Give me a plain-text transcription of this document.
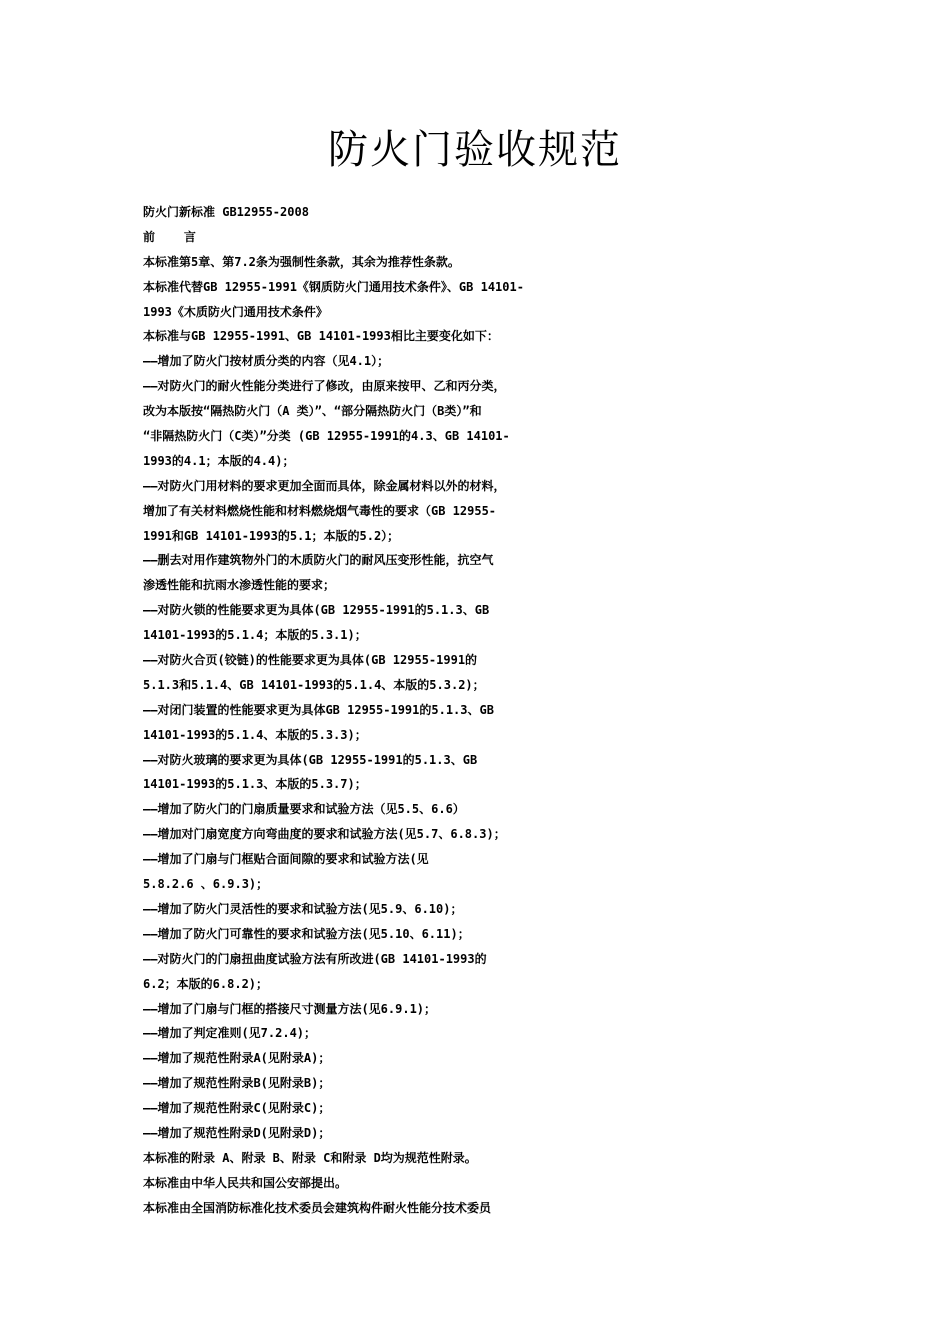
防火门验收规范
防火门新标准 GB12955-2008
前    言
本标准第5章、第7.2条为强制性条款，其余为推荐性条款。
本标准代替GB 12955-1991《钢质防火门通用技术条件》、GB 14101-
1993《木质防火门通用技术条件》
本标准与GB 12955-1991、GB 14101-1993相比主要变化如下：
——增加了防火门按材质分类的内容（见4.1）；
——对防火门的耐火性能分类进行了修改，由原来按甲、乙和丙分类，
改为本版按“隔热防火门（A 类）”、“部分隔热防火门（B类）”和
“非隔热防火门（C类）”分类 (GB 12955-1991的4.3、GB 14101-
1993的4.1；本版的4.4)；
——对防火门用材料的要求更加全面而具体，除金属材料以外的材料，
增加了有关材料燃烧性能和材料燃烧烟气毒性的要求（GB 12955-
1991和GB 14101-1993的5.1；本版的5.2）；
——删去对用作建筑物外门的木质防火门的耐风压变形性能，抗空气
渗透性能和抗雨水渗透性能的要求；
——对防火锁的性能要求更为具体(GB 12955-1991的5.1.3、GB
14101-1993的5.1.4；本版的5.3.1)；
——对防火合页(铰链)的性能要求更为具体(GB 12955-1991的
5.1.3和5.1.4、GB 14101-1993的5.1.4、本版的5.3.2)；
——对闭门装置的性能要求更为具体GB 12955-1991的5.1.3、GB
14101-1993的5.1.4、本版的5.3.3)；
——对防火玻璃的要求更为具体(GB 12955-1991的5.1.3、GB
14101-1993的5.1.3、本版的5.3.7)；
——增加了防火门的门扇质量要求和试验方法（见5.5、6.6）
——增加对门扇宽度方向弯曲度的要求和试验方法(见5.7、6.8.3)；
——增加了门扇与门框贴合面间隙的要求和试验方法(见
5.8.2.6 、6.9.3)；
——增加了防火门灵活性的要求和试验方法(见5.9、6.10)；
——增加了防火门可靠性的要求和试验方法(见5.10、6.11)；
——对防火门的门扇扭曲度试验方法有所改进(GB 14101-1993的
6.2；本版的6.8.2)；
——增加了门扇与门框的搭接尺寸测量方法(见6.9.1)；
——增加了判定准则(见7.2.4)；
——增加了规范性附录A(见附录A)；
——增加了规范性附录B(见附录B)；
——增加了规范性附录C(见附录C)；
——增加了规范性附录D(见附录D)；
本标准的附录 A、附录 B、附录 C和附录 D均为规范性附录。
本标准由中华人民共和国公安部提出。
本标准由全国消防标准化技术委员会建筑构件耐火性能分技术委员
